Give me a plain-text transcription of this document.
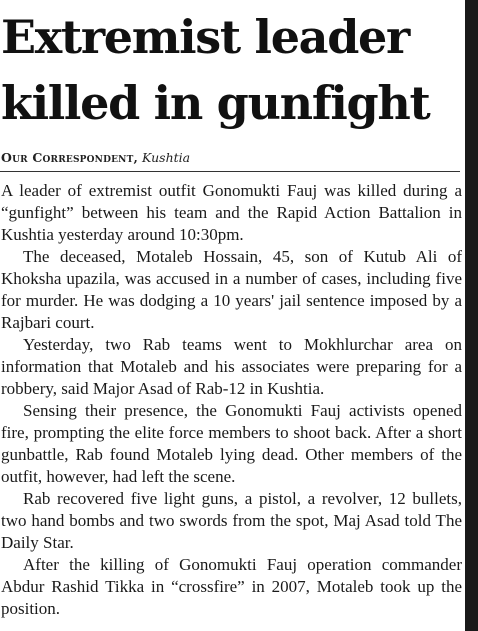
Extremist leader
killed in gunfight
Our Correspondent, Kushtia

A leader of extremist outfit Gonomukti Fauj was killed during a “gunfight” between his team and the Rapid Action Battalion in Kushtia yesterday around 10:30pm.

The deceased, Motaleb Hossain, 45, son of Kutub Ali of Khoksha upazila, was accused in a number of cases, including five for murder. He was dodging a 10 years' jail sentence imposed by a Rajbari court.

Yesterday, two Rab teams went to Mokhlurchar area on information that Motaleb and his associates were preparing for a robbery, said Major Asad of Rab-12 in Kushtia.

Sensing their presence, the Gonomukti Fauj activists opened fire, prompting the elite force members to shoot back. After a short gunbattle, Rab found Motaleb lying dead. Other members of the outfit, however, had left the scene.

Rab recovered five light guns, a pistol, a revolver, 12 bullets, two hand bombs and two swords from the spot, Maj Asad told The Daily Star.

After the killing of Gonomukti Fauj operation commander Abdur Rashid Tikka in “crossfire” in 2007, Motaleb took up the position.
